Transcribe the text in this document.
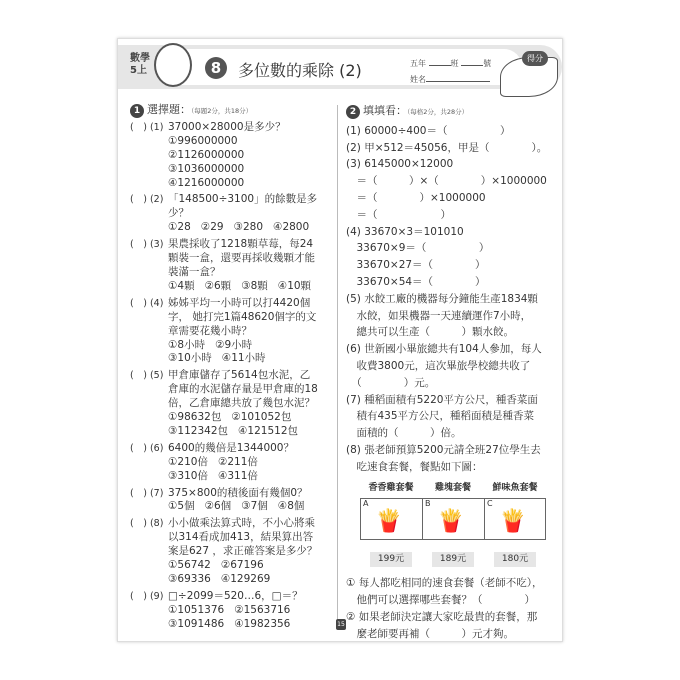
數學
5上	8	多位數的乘除 (2)	五年	班	號
姓名
得分
1 選擇題：（每題2分，共18分）
(　) (1) 37000×28000是多少？
①996000000
②1126000000
③1036000000
④1216000000
(　) (2) 「148500÷3100」的餘數是多少？
①28 ②29 ③280 ④2800
(　) (3) 果農採收了1218顆草莓，每24
顆裝一盒，還要再採收幾顆才能
裝滿一盒？
①4顆 ②6顆 ③8顆 ④10顆
(　) (4) 姊姊平均一小時可以打4420個
字， 她打完1篇48620個字的文
章需要花幾小時？
①8小時 ②9小時
③10小時 ④11小時
(　) (5) 甲倉庫儲存了5614包水泥，乙
倉庫的水泥儲存量是甲倉庫的18
倍，乙倉庫總共放了幾包水泥？
①98632包 ②101052包
③112342包 ④121512包
(　) (6) 6400的幾倍是1344000？
①210倍 ②211倍
③310倍 ④311倍
(　) (7) 375×800的積後面有幾個0？
①5個 ②6個 ③7個 ④8個
(　) (8) 小小做乘法算式時，不小心將乘
以314看成加413，結果算出答
案是627 ，求正確答案是多少？
①56742 ②67196
③69336 ④129269
(　) (9) □÷2099＝520…6，□＝？
①1051376 ②1563716
③1091486 ④1982356
2 填填看：（每格2分，共28分）
(1) 60000÷400＝（　　　　　）
(2) 甲×512＝45056，甲是（　　　　）。
(3) 6145000×12000
　＝（　　　）×（　　　　）×1000000
　＝（　　　　）×1000000
　＝（　　　　　　）
(4) 33670×3＝101010
　33670×9＝（　　　　　）
　33670×27＝（　　　　）
　33670×54＝（　　　　）
(5) 水餃工廠的機器每分鐘能生產1834顆
　水餃，如果機器一天連續運作7小時，
　總共可以生產（　　　）顆水餃。
(6) 世新國小畢旅總共有104人參加，每人
　收費3800元，這次畢旅學校總共收了
　（　　　　）元。
(7) 種稻面積有5220平方公尺，種香菜面
　積有435平方公尺，種稻面積是種香菜
　面積的（　　　）倍。
(8) 張老師預算5200元請全班27位學生去
　吃速食套餐，餐點如下圖：
香香雞套餐
A
🍟
199元
雞塊套餐
B
🍟
189元
鮮味魚套餐
C
🍟
180元
① 每人都吃相同的速食套餐（老師不吃），
　他們可以選擇哪些套餐？（　　　　）
② 如果老師決定讓大家吃最貴的套餐，那
　麼老師要再補（　　　）元才夠。
15
